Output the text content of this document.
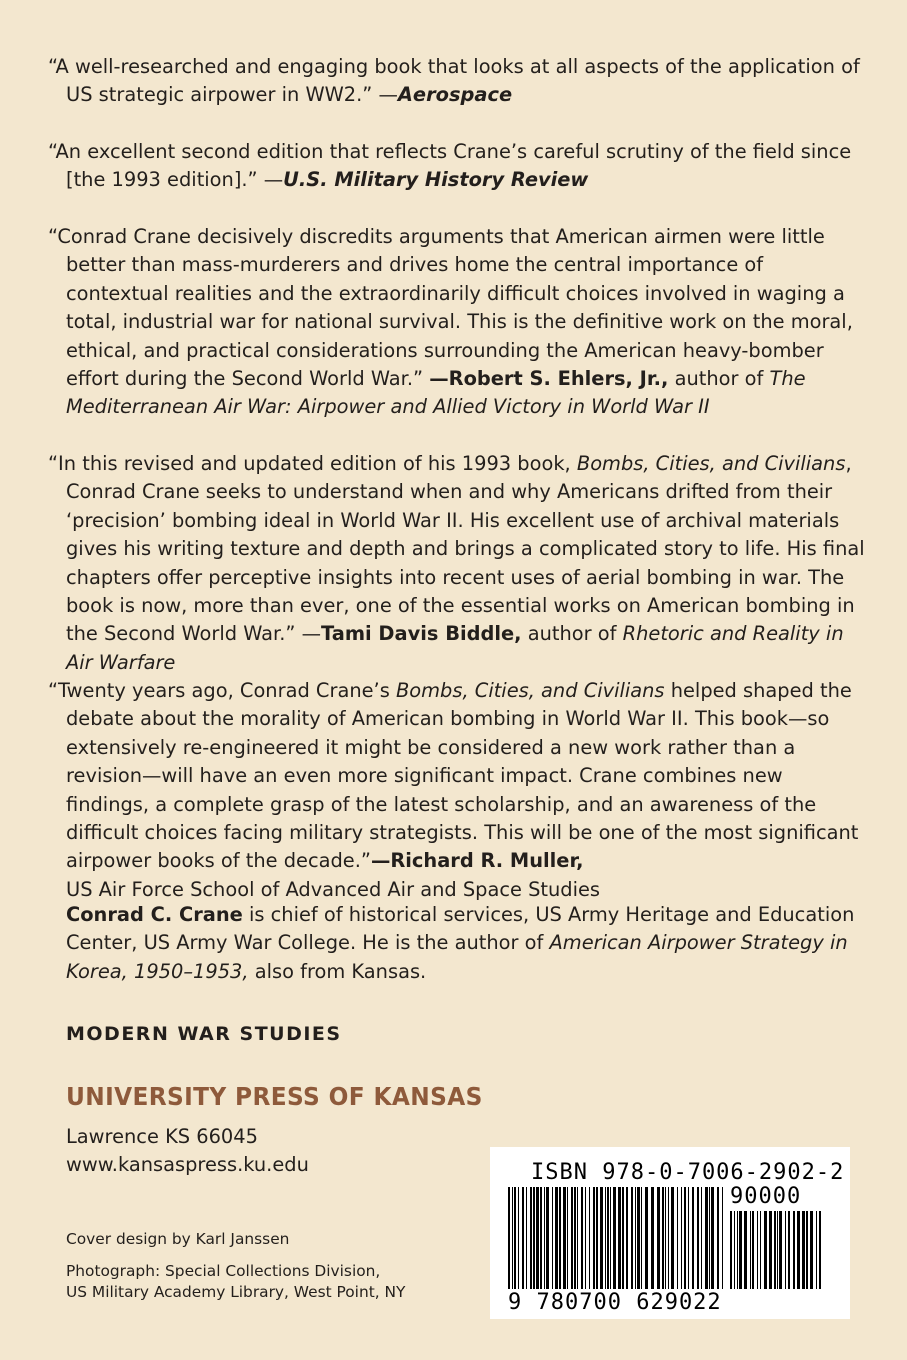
“A well-researched and engaging book that looks at all aspects of the application of US strategic airpower in WW2.” —Aerospace

“An excellent second edition that reflects Crane’s careful scrutiny of the field since [the 1993 edition].” —U.S. Military History Review

“Conrad Crane decisively discredits arguments that American airmen were little better than mass-murderers and drives home the central importance of contextual realities and the extraordinarily difficult choices involved in waging a total, industrial war for national survival. This is the definitive work on the moral, ethical, and practical considerations surrounding the American heavy-bomber effort during the Second World War.” —Robert S. Ehlers, Jr., author of The Mediterranean Air War: Airpower and Allied Victory in World War II

“In this revised and updated edition of his 1993 book, Bombs, Cities, and Civilians, Conrad Crane seeks to understand when and why Americans drifted from their ‘precision’ bombing ideal in World War II. His excellent use of archival materials gives his writing texture and depth and brings a complicated story to life. His final chapters offer perceptive insights into recent uses of aerial bombing in war. The book is now, more than ever, one of the essential works on American bombing in the Second World War.” —Tami Davis Biddle, author of Rhetoric and Reality in Air Warfare

“Twenty years ago, Conrad Crane’s Bombs, Cities, and Civilians helped shaped the debate about the morality of American bombing in World War II. This book—so extensively re-engineered it might be considered a new work rather than a revision—will have an even more significant impact. Crane combines new findings, a complete grasp of the latest scholarship, and an awareness of the difficult choices facing military strategists. This will be one of the most significant airpower books of the decade.”—Richard R. Muller,
US Air Force School of Advanced Air and Space Studies

Conrad C. Crane is chief of historical services, US Army Heritage and Education Center, US Army War College. He is the author of American Airpower Strategy in Korea, 1950–1953, also from Kansas.

MODERN WAR STUDIES
UNIVERSITY PRESS OF KANSAS
Lawrence KS 66045
www.kansaspress.ku.edu
Cover design by Karl Janssen
Photograph: Special Collections Division,
US Military Academy Library, West Point, NY
ISBN 978-0-7006-2902-2
90000
9 780700 629022
